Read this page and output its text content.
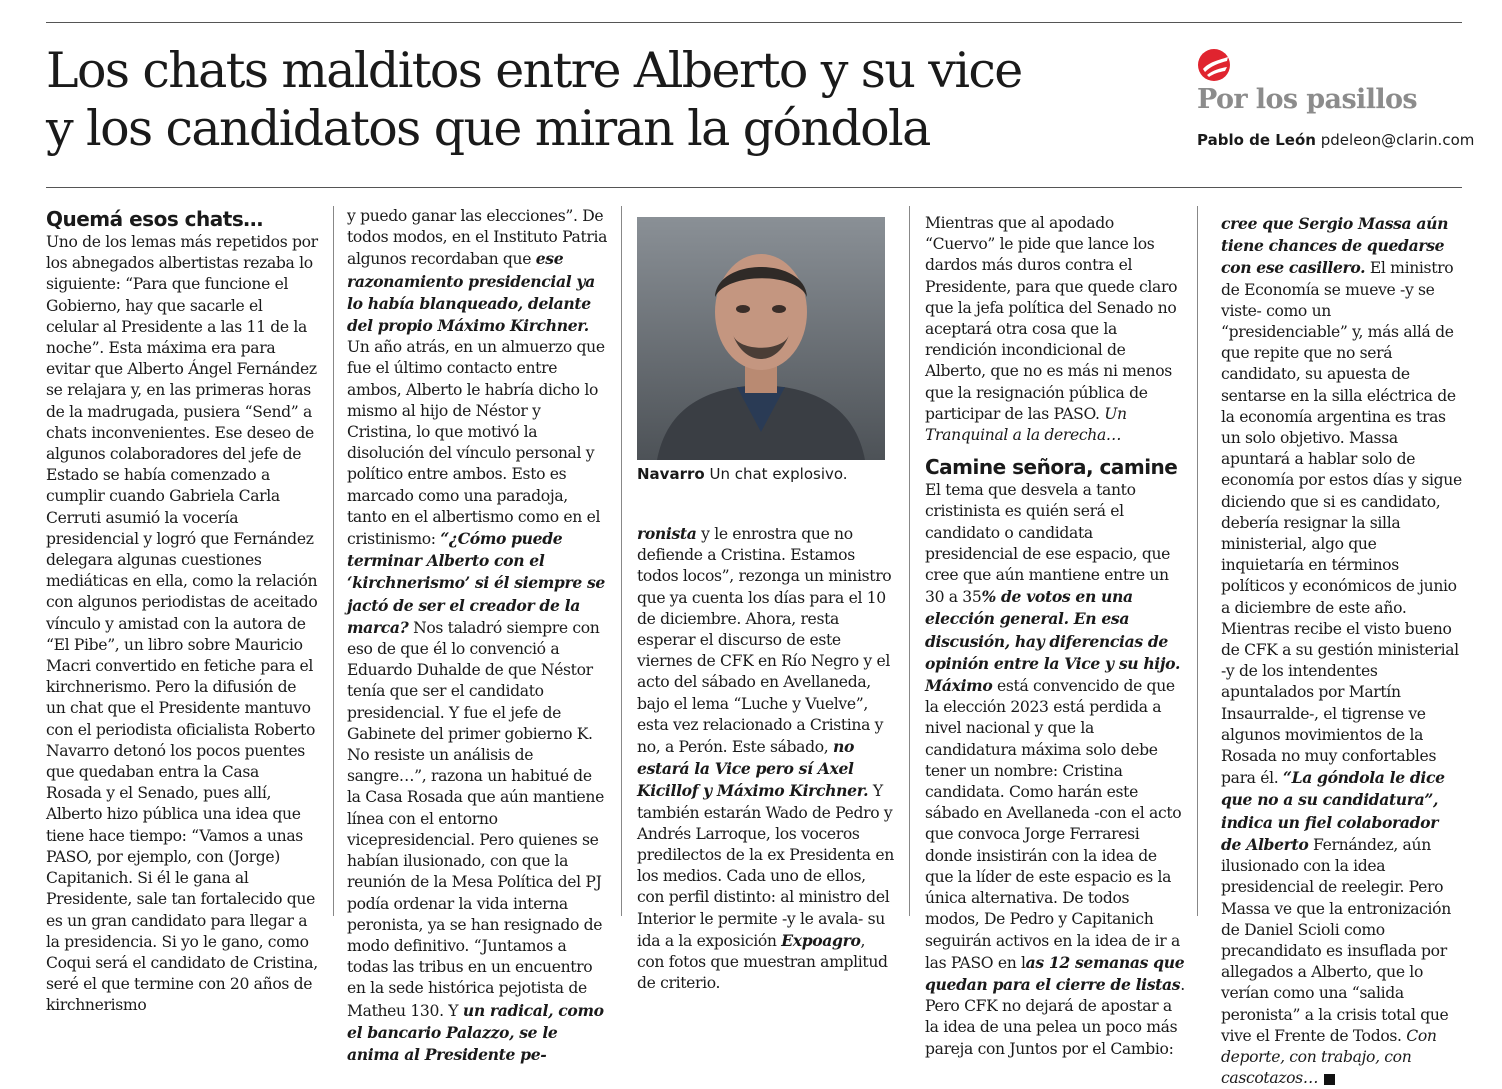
Los chats malditos entre Alberto y su vice
y los candidatos que miran la góndola
Por los pasillos
Pablo de León pdeleon@clarin.com
Quemá esos chats…

Uno de los lemas más repetidos por los abnegados albertistas rezaba lo siguiente: “Para que funcione el Gobierno, hay que sacarle el celular al Presidente a las 11 de la noche”. Esta máxima era para evitar que Alberto Ángel Fernández se relajara y, en las primeras horas de la madrugada, pusiera “Send” a chats inconvenientes. Ese deseo de algunos colaboradores del jefe de Estado se había comenzado a cumplir cuando Gabriela Carla Cerruti asumió la vocería presidencial y logró que Fernández delegara algunas cuestiones mediáticas en ella, como la relación con algunos periodistas de aceitado vínculo y amistad con la autora de “El Pibe”, un libro sobre Mauricio Macri convertido en fetiche para el kirchnerismo. Pero la difusión de un chat que el Presidente mantuvo con el periodista oficialista Roberto Navarro detonó los pocos puentes que quedaban entra la Casa Rosada y el Senado, pues allí, Alberto hizo pública una idea que tiene hace tiempo: “Vamos a unas PASO, por ejemplo, con (Jorge) Capitanich. Si él le gana al Presidente, sale tan fortalecido que es un gran candidato para llegar a la presidencia. Si yo le gano, como Coqui será el candidato de Cristina, seré el que termine con 20 años de kirchnerismo

y puedo ganar las elecciones”. De todos modos, en el Instituto Patria algunos recordaban que ese razonamiento presidencial ya lo había blanqueado, delante del propio Máximo Kirchner. Un año atrás, en un almuerzo que fue el último contacto entre ambos, Alberto le habría dicho lo mismo al hijo de Néstor y Cristina, lo que motivó la disolución del vínculo personal y político entre ambos. Esto es marcado como una paradoja, tanto en el albertismo como en el cristinismo: “¿Cómo puede terminar Alberto con el ‘kirchnerismo’ si él siempre se jactó de ser el creador de la marca? Nos taladró siempre con eso de que él lo convenció a Eduardo Duhalde de que Néstor tenía que ser el candidato presidencial. Y fue el jefe de Gabinete del primer gobierno K. No resiste un análisis de sangre…”, razona un habitué de la Casa Rosada que aún mantiene línea con el entorno vicepresidencial. Pero quienes se habían ilusionado, con que la reunión de la Mesa Política del PJ podía ordenar la vida interna peronista, ya se han resignado de modo definitivo. “Juntamos a todas las tribus en un encuentro en la sede histórica pejotista de Matheu 130. Y un radical, como el bancario Palazzo, se le anima al Presidente pe-

Navarro Un chat explosivo.

ronista y le enrostra que no defiende a Cristina. Estamos todos locos”, rezonga un ministro que ya cuenta los días para el 10 de diciembre. Ahora, resta esperar el discurso de este viernes de CFK en Río Negro y el acto del sábado en Avellaneda, bajo el lema “Luche y Vuelve”, esta vez relacionado a Cristina y no, a Perón. Este sábado, no estará la Vice pero sí Axel Kicillof y Máximo Kirchner. Y también estarán Wado de Pedro y Andrés Larroque, los voceros predilectos de la ex Presidenta en los medios. Cada uno de ellos, con perfil distinto: al ministro del Interior le permite -y le avala- su ida a la exposición Expoagro, con fotos que muestran amplitud de criterio.

Mientras que al apodado “Cuervo” le pide que lance los dardos más duros contra el Presidente, para que quede claro que la jefa política del Senado no aceptará otra cosa que la rendición incondicional de Alberto, que no es más ni menos que la resignación pública de participar de las PASO. Un Tranquinal a la derecha…

Camine señora, camine

El tema que desvela a tanto cristinista es quién será el candidato o candidata presidencial de ese espacio, que cree que aún mantiene entre un 30 a 35% de votos en una elección general. En esa discusión, hay diferencias de opinión entre la Vice y su hijo. Máximo está convencido de que la elección 2023 está perdida a nivel nacional y que la candidatura máxima solo debe tener un nombre: Cristina candidata. Como harán este sábado en Avellaneda -con el acto que convoca Jorge Ferraresi donde insistirán con la idea de que la líder de este espacio es la única alternativa. De todos modos, De Pedro y Capitanich seguirán activos en la idea de ir a las PASO en las 12 semanas que quedan para el cierre de listas. Pero CFK no dejará de apostar a la idea de una pelea un poco más pareja con Juntos por el Cambio:

cree que Sergio Massa aún tiene chances de quedarse con ese casillero. El ministro de Economía se mueve -y se viste- como un “presidenciable” y, más allá de que repite que no será candidato, su apuesta de sentarse en la silla eléctrica de la economía argentina es tras un solo objetivo. Massa apuntará a hablar solo de economía por estos días y sigue diciendo que si es candidato, debería resignar la silla ministerial, algo que inquietaría en términos políticos y económicos de junio a diciembre de este año. Mientras recibe el visto bueno de CFK a su gestión ministerial -y de los intendentes apuntalados por Martín Insaurralde-, el tigrense ve algunos movimientos de la Rosada no muy confortables para él. “La góndola le dice que no a su candidatura”, indica un fiel colaborador de Alberto Fernández, aún ilusionado con la idea presidencial de reelegir. Pero Massa ve que la entronización de Daniel Scioli como precandidato es insuflada por allegados a Alberto, que lo verían como una “salida peronista” a la crisis total que vive el Frente de Todos. Con deporte, con trabajo, con cascotazos…
